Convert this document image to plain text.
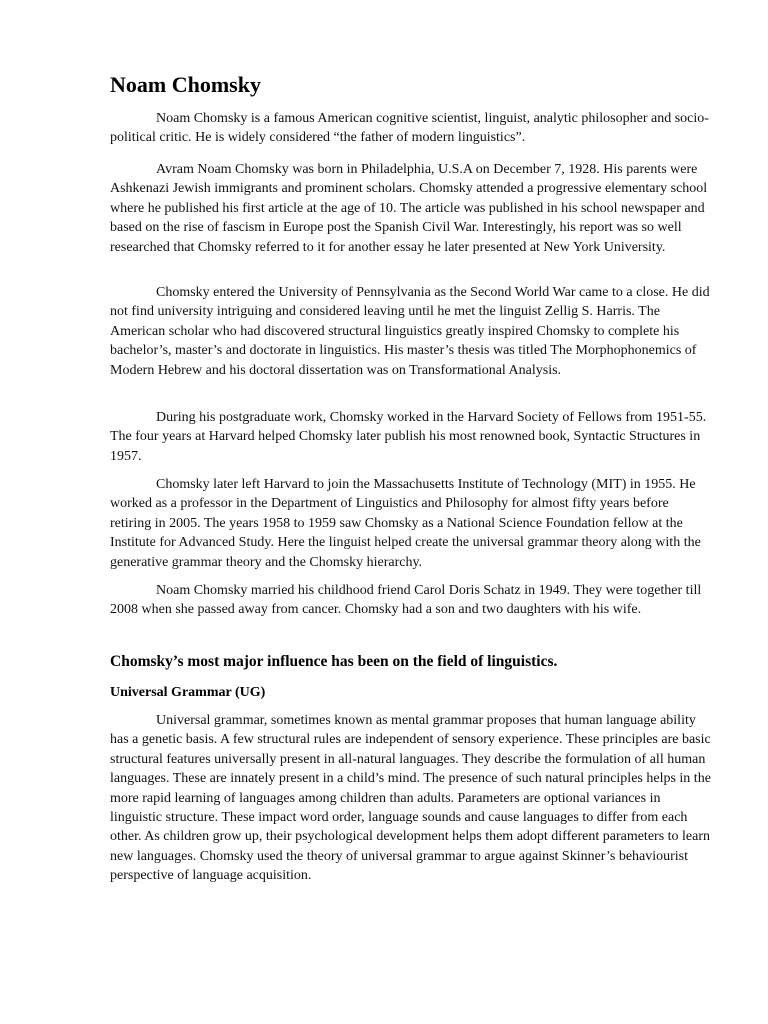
Noam Chomsky

Noam Chomsky is a famous American cognitive scientist, linguist, analytic philosopher and socio-political critic. He is widely considered “the father of modern linguistics”.

Avram Noam Chomsky was born in Philadelphia, U.S.A on December 7, 1928. His parents were Ashkenazi Jewish immigrants and prominent scholars. Chomsky attended a progressive elementary school where he published his first article at the age of 10. The article was published in his school newspaper and based on the rise of fascism in Europe post the Spanish Civil War. Interestingly, his report was so well researched that Chomsky referred to it for another essay he later presented at New York University.

Chomsky entered the University of Pennsylvania as the Second World War came to a close. He did not find university intriguing and considered leaving until he met the linguist Zellig S. Harris. The American scholar who had discovered structural linguistics greatly inspired Chomsky to complete his bachelor’s, master’s and doctorate in linguistics. His master’s thesis was titled The Morphophonemics of Modern Hebrew and his doctoral dissertation was on Transformational Analysis.

During his postgraduate work, Chomsky worked in the Harvard Society of Fellows from 1951-55. The four years at Harvard helped Chomsky later publish his most renowned book, Syntactic Structures in 1957.

Chomsky later left Harvard to join the Massachusetts Institute of Technology (MIT) in 1955. He worked as a professor in the Department of Linguistics and Philosophy for almost fifty years before retiring in 2005. The years 1958 to 1959 saw Chomsky as a National Science Foundation fellow at the Institute for Advanced Study. Here the linguist helped create the universal grammar theory along with the generative grammar theory and the Chomsky hierarchy.

Noam Chomsky married his childhood friend Carol Doris Schatz in 1949. They were together till 2008 when she passed away from cancer. Chomsky had a son and two daughters with his wife.

Chomsky’s most major influence has been on the field of linguistics.
Universal Grammar (UG)

Universal grammar, sometimes known as mental grammar proposes that human language ability has a genetic basis. A few structural rules are independent of sensory experience. These principles are basic structural features universally present in all-natural languages. They describe the formulation of all human languages. These are innately present in a child’s mind. The presence of such natural principles helps in the more rapid learning of languages among children than adults. Parameters are optional variances in linguistic structure. These impact word order, language sounds and cause languages to differ from each other. As children grow up, their psychological development helps them adopt different parameters to learn new languages. Chomsky used the theory of universal grammar to argue against Skinner’s behaviourist perspective of language acquisition.
